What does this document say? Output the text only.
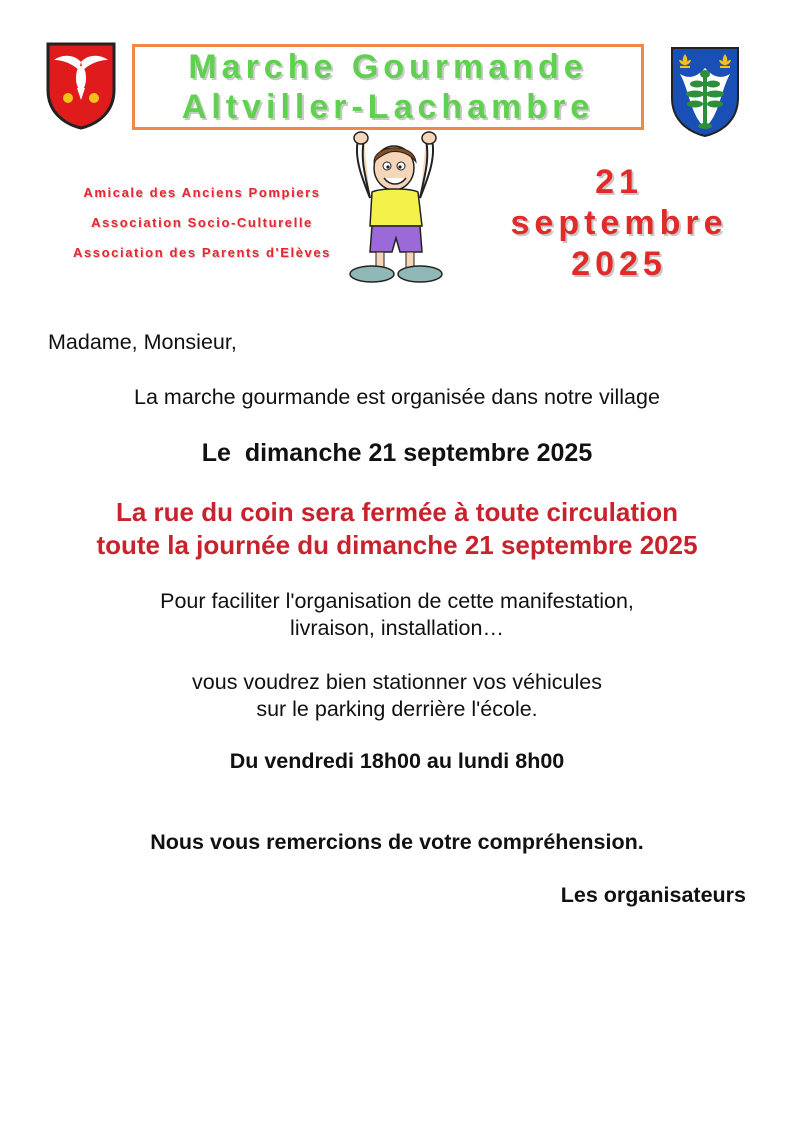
Marche Gourmande
Altviller-Lachambre
Amicale des Anciens Pompiers
Association Socio-Culturelle
Association des Parents d'Elèves
21
septembre
2025
Madame, Monsieur,
La marche gourmande est organisée dans notre village
Le  dimanche 21 septembre 2025
La rue du coin sera fermée à toute circulation
toute la journée du dimanche 21 septembre 2025
Pour faciliter l'organisation de cette manifestation,
livraison, installation…
vous voudrez bien stationner vos véhicules
sur le parking derrière l'école.
Du vendredi 18h00 au lundi 8h00
Nous vous remercions de votre compréhension.
Les organisateurs
